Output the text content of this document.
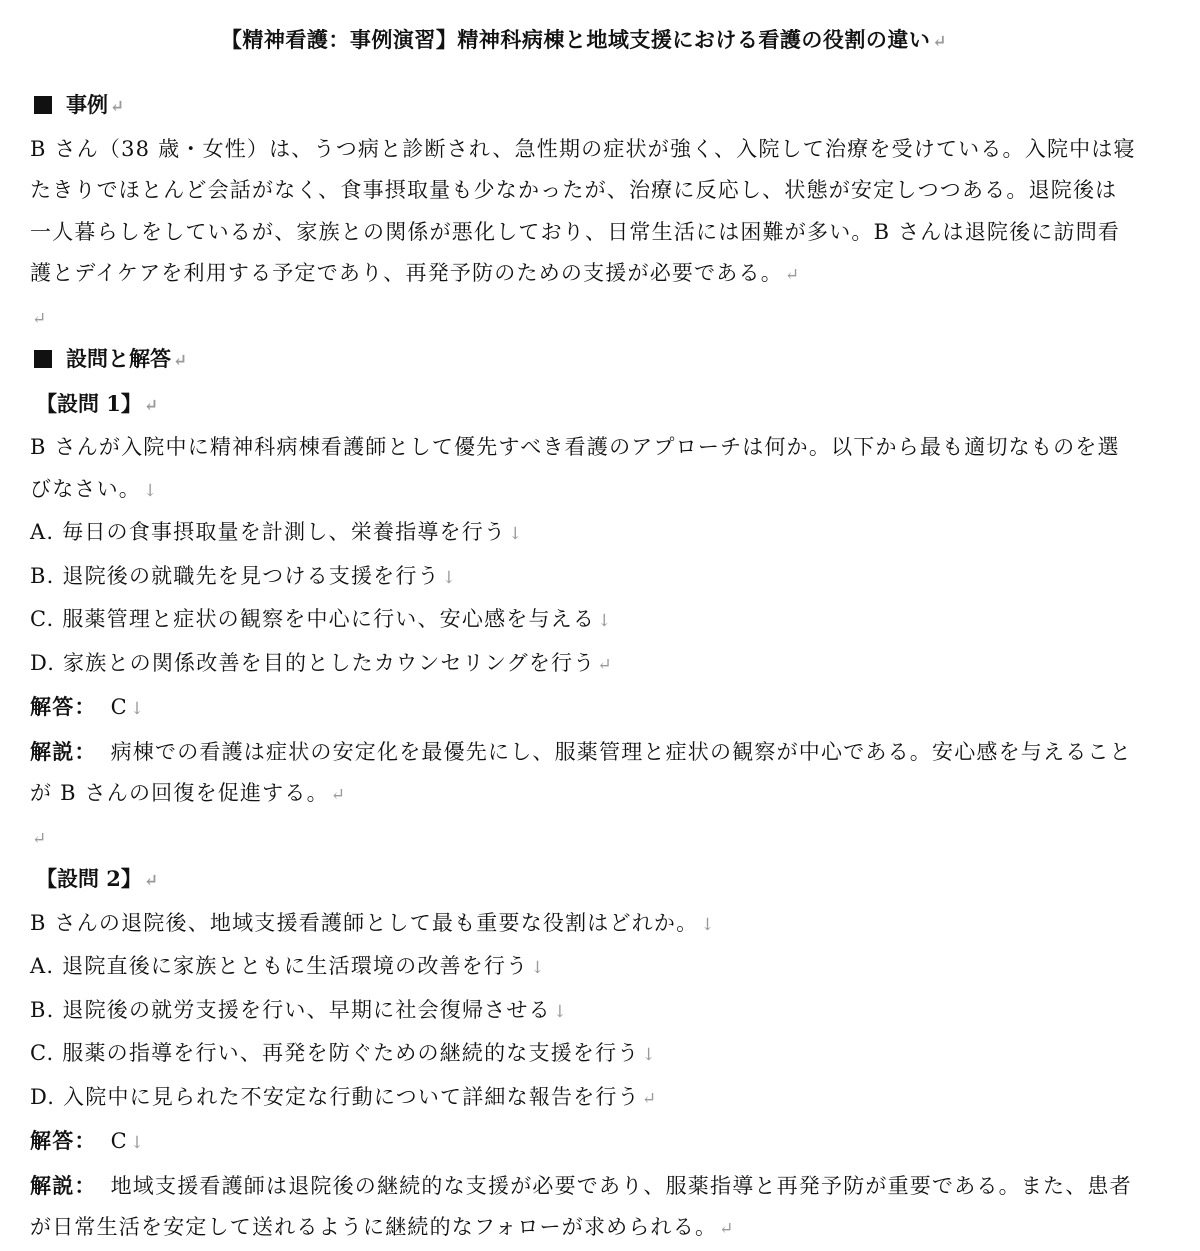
【精神看護：事例演習】精神科病棟と地域支援における看護の役割の違い ↵

事例 ↵

B さん（38 歳・女性）は、うつ病と診断され、急性期の症状が強く、入院して治療を受けている。入院中は寝たきりでほとんど会話がなく、食事摂取量も少なかったが、治療に反応し、状態が安定しつつある。退院後は一人暮らしをしているが、家族との関係が悪化しており、日常生活には困難が多い。B さんは退院後に訪問看護とデイケアを利用する予定であり、再発予防のための支援が必要である。 ↵

↵

設問と解答 ↵

【設問 1】 ↵

B さんが入院中に精神科病棟看護師として優先すべき看護のアプローチは何か。以下から最も適切なものを選びなさい。 ↓

A. 毎日の食事摂取量を計測し、栄養指導を行う ↓

B. 退院後の就職先を見つける支援を行う ↓

C. 服薬管理と症状の観察を中心に行い、安心感を与える ↓

D. 家族との関係改善を目的としたカウンセリングを行う ↵

解答： C ↓

解説： 病棟での看護は症状の安定化を最優先にし、服薬管理と症状の観察が中心である。安心感を与えることが B さんの回復を促進する。 ↵

↵

【設問 2】 ↵

B さんの退院後、地域支援看護師として最も重要な役割はどれか。 ↓

A. 退院直後に家族とともに生活環境の改善を行う ↓

B. 退院後の就労支援を行い、早期に社会復帰させる ↓

C. 服薬の指導を行い、再発を防ぐための継続的な支援を行う ↓

D. 入院中に見られた不安定な行動について詳細な報告を行う ↵

解答： C ↓

解説： 地域支援看護師は退院後の継続的な支援が必要であり、服薬指導と再発予防が重要である。また、患者が日常生活を安定して送れるように継続的なフォローが求められる。 ↵
